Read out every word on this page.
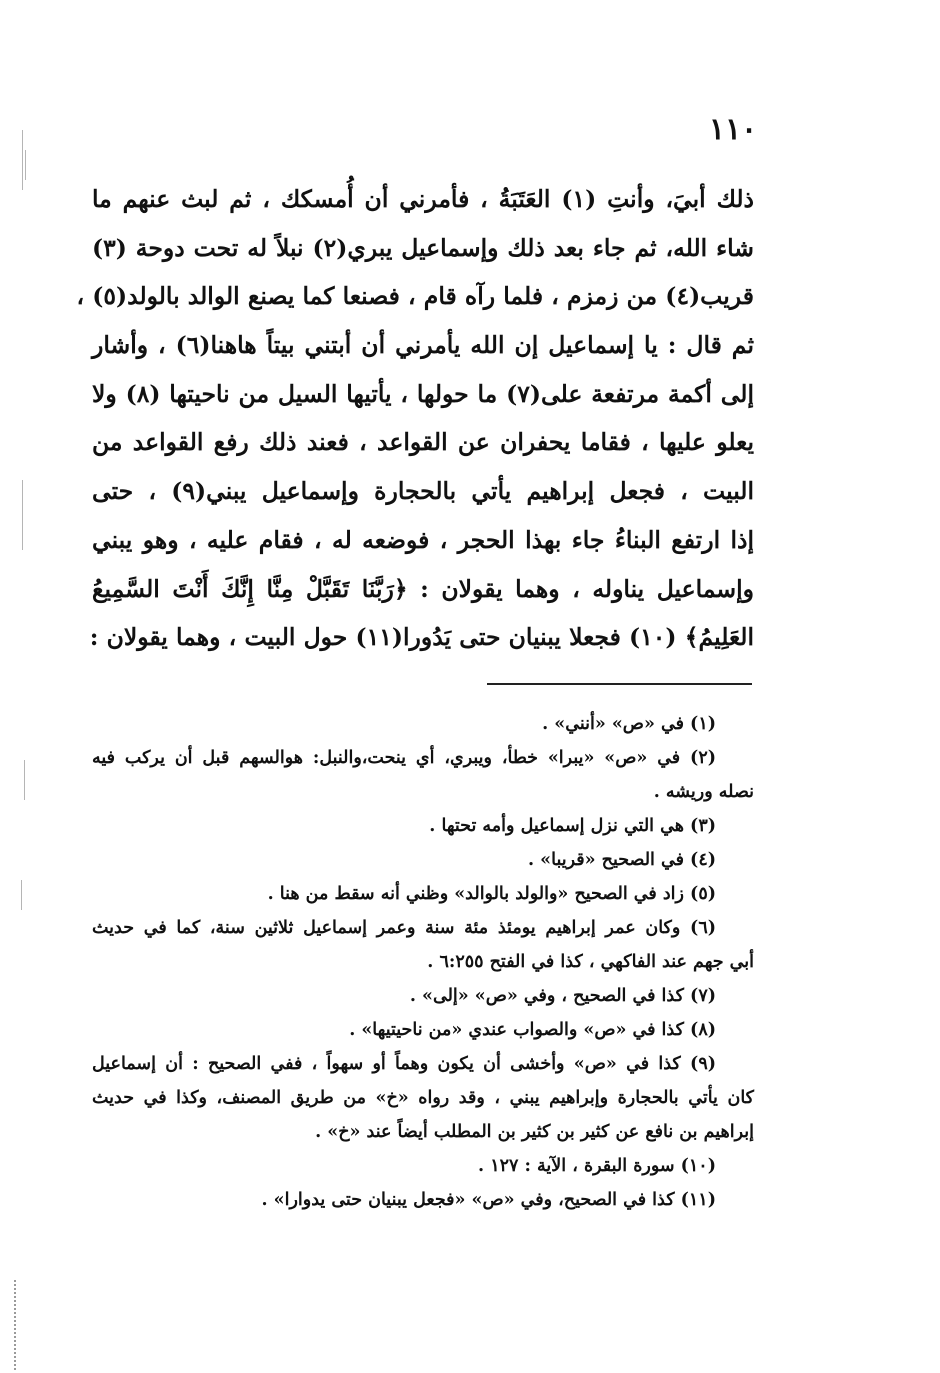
١١٠
ذلك أبيَ، وأنتِ (١) العَتَبَةُ ، فأمرني أن أُمسكك ، ثم لبث عنهم ما
شاء الله، ثم جاء بعد ذلك وإسماعيل يبري(٢) نبلاً له تحت دوحة (٣)
قريب(٤) من زمزم ، فلما رآه قام ، فصنعا كما يصنع الوالد بالولد(٥) ،
ثم قال : يا إسماعيل إن الله يأمرني أن أبتني بيتاً هاهنا(٦) ، وأشار
إلى أكمة مرتفعة على(٧) ما حولها ، يأتيها السيل من ناحيتها (٨) ولا
يعلو عليها ، فقاما يحفران عن القواعد ، فعند ذلك رفع القواعد من
البيت ، فجعل إبراهيم يأتي بالحجارة وإسماعيل يبني(٩) ، حتى
إذا ارتفع البناءُ جاء بهذا الحجر ، فوضعه له ، فقام عليه ، وهو يبني
وإسماعيل يناوله ، وهما يقولان : ﴿رَبَّنَا تَقَبَّلْ مِنَّا إِنَّكَ أَنْتَ السَّمِيعُ
العَلِيمُ﴾ (١٠) فجعلا يبنيان حتى يَدُورا(١١) حول البيت ، وهما يقولان :
(١) في «ص» «أنني» .
(٢) في «ص» «يبرا» خطأ، ويبري، أي ينحت،والنبل: هوالسهم قبل أن يركب فيه
نصله وريشه .
(٣) هي التي نزل إسماعيل وأمه تحتها .
(٤) في الصحيح «قريبا» .
(٥) زاد في الصحيح «والولد بالوالد» وظني أنه سقط من هنا .
(٦) وكان عمر إبراهيم يومئذ مئة سنة وعمر إسماعيل ثلاثين سنة، كما في حديث
أبي جهم عند الفاكهي ، كذا في الفتح ٦:٢٥٥ .
(٧) كذا في الصحيح ، وفي «ص» «إلى» .
(٨) كذا في «ص» والصواب عندي «من ناحيتيها» .
(٩) كذا في «ص» وأخشى أن يكون وهماً أو سهواً ، ففي الصحيح : أن إسماعيل
كان يأتي بالحجارة وإبراهيم يبني ، وقد رواه «خ» من طريق المصنف، وكذا في حديث
إبراهيم بن نافع عن كثير بن كثير بن المطلب أيضاً عند «خ» .
(١٠) سورة البقرة ، الآية : ١٢٧ .
(١١) كذا في الصحيح، وفي «ص» «فجعل يبنيان حتى يدوارا» .
